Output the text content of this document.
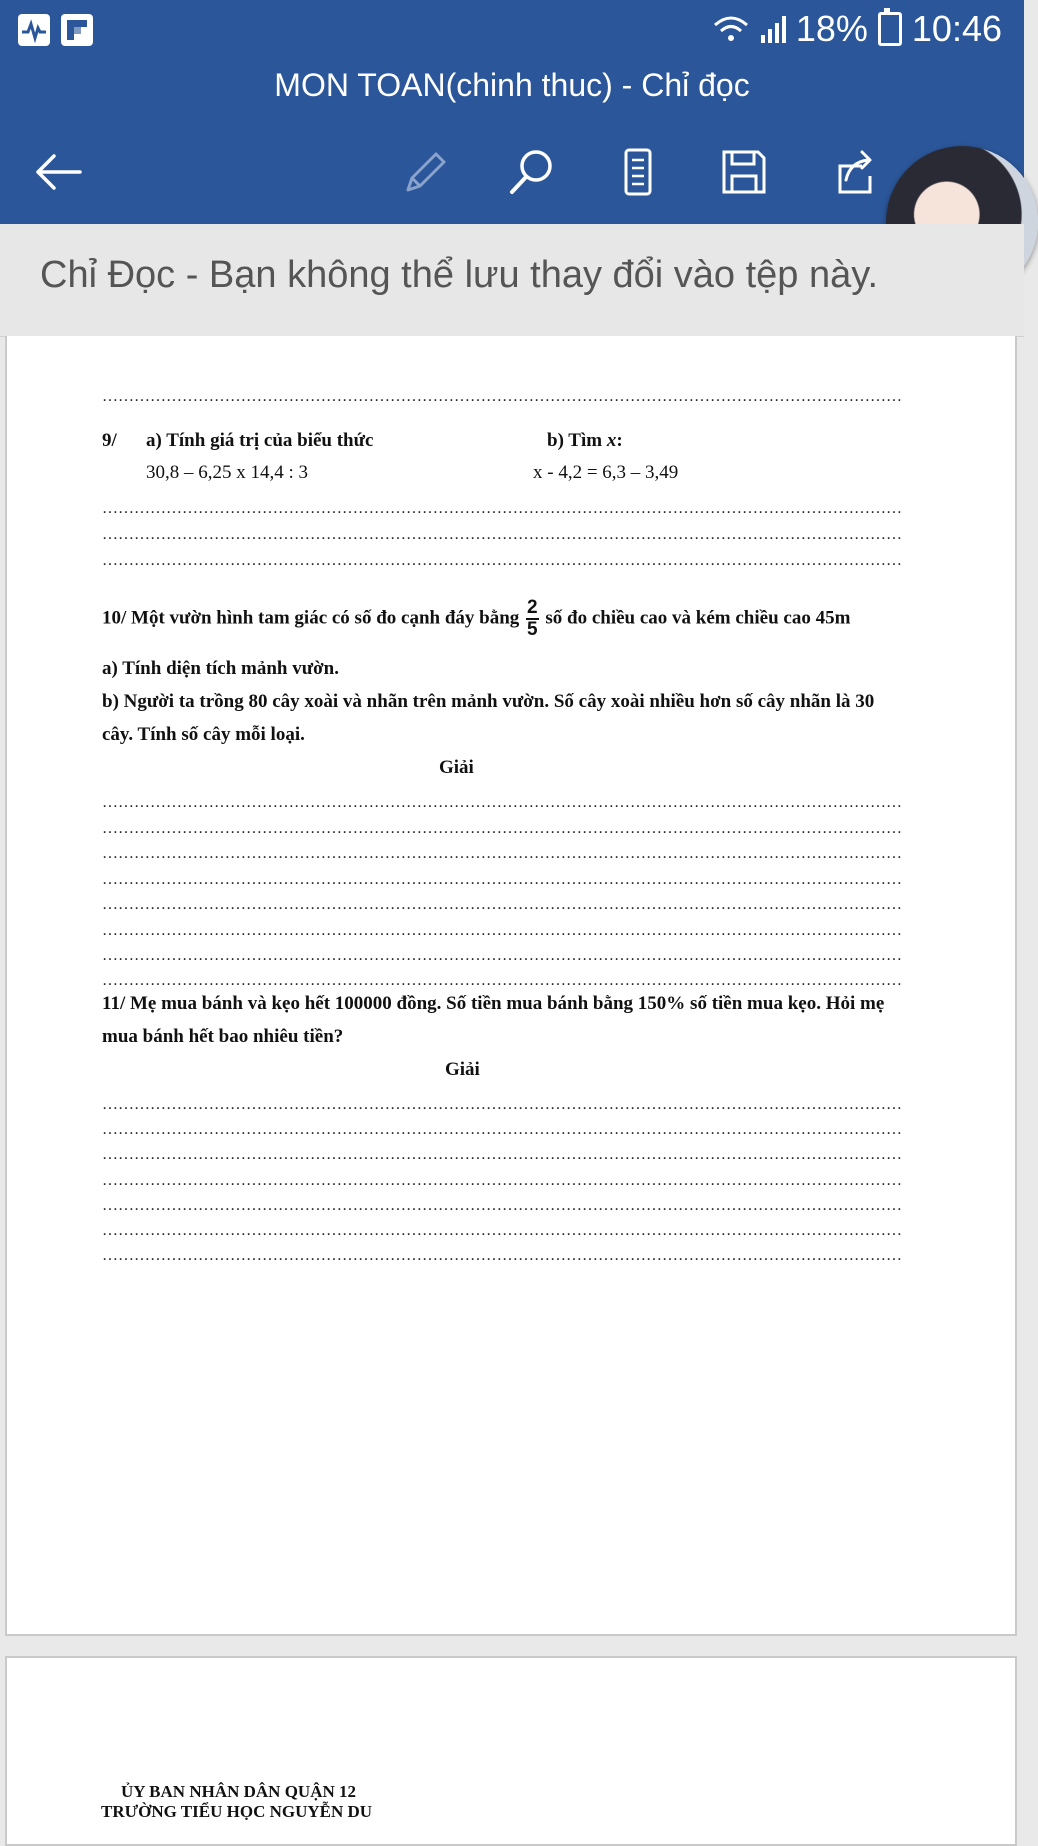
18% 10:46
MON TOAN(chinh thuc) - Chỉ đọc
Chỉ Đọc - Bạn không thể lưu thay đổi vào tệp này.
……………………………………………………………………………………………………………………………………
9/ a) Tính giá trị của biểu thức	b) Tìm x:
30,8 – 6,25 x 14,4 : 3	x - 4,2 = 6,3 – 3,49
……………………………………………………………………………………………………………………………………
……………………………………………………………………………………………………………………………………
……………………………………………………………………………………………………………………………………
10/ Một vườn hình tam giác có số đo cạnh đáy bằng $\frac{2}{5}$ số đo chiều cao và kém chiều cao 45m
a) Tính diện tích mảnh vườn.
b) Người ta trồng 80 cây xoài và nhãn trên mảnh vườn. Số cây xoài nhiều hơn số cây nhãn là 30
cây. Tính số cây mỗi loại.
Giải
……………………………………………………………………………………………………………………………………
……………………………………………………………………………………………………………………………………
……………………………………………………………………………………………………………………………………
……………………………………………………………………………………………………………………………………
……………………………………………………………………………………………………………………………………
……………………………………………………………………………………………………………………………………
……………………………………………………………………………………………………………………………………
……………………………………………………………………………………………………………………………………
11/ Mẹ mua bánh và kẹo hết 100000 đồng. Số tiền mua bánh bằng 150% số tiền mua kẹo. Hỏi mẹ
mua bánh hết bao nhiêu tiền?
Giải
……………………………………………………………………………………………………………………………………
……………………………………………………………………………………………………………………………………
……………………………………………………………………………………………………………………………………
……………………………………………………………………………………………………………………………………
……………………………………………………………………………………………………………………………………
……………………………………………………………………………………………………………………………………
……………………………………………………………………………………………………………………………………
ỦY BAN NHÂN DÂN QUẬN 12
TRƯỜNG TIỂU HỌC NGUYỄN DU
